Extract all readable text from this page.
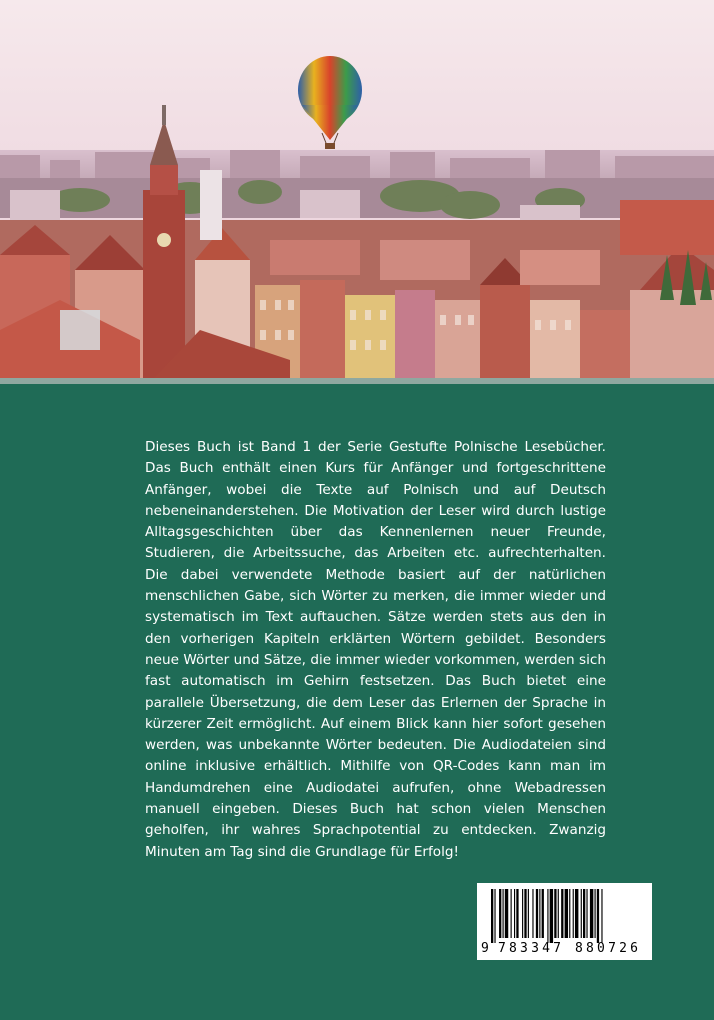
Dieses Buch ist Band 1 der Serie Gestufte Polnische Lesebücher. Das Buch enthält einen Kurs für Anfänger und fortgeschrittene Anfänger, wobei die Texte auf Polnisch und auf Deutsch nebeneinanderstehen. Die Motivation der Leser wird durch lustige Alltagsgeschichten über das Kennenlernen neuer Freunde, Studieren, die Arbeitssuche, das Arbeiten etc. aufrechterhalten. Die dabei verwendete Methode basiert auf der natürlichen menschlichen Gabe, sich Wörter zu merken, die immer wieder und systematisch im Text auftauchen. Sätze werden stets aus den in den vorherigen Kapiteln erklärten Wörtern gebildet. Besonders neue Wörter und Sätze, die immer wieder vorkommen, werden sich fast automatisch im Gehirn festsetzen. Das Buch bietet eine parallele Übersetzung, die dem Leser das Erlernen der Sprache in kürzerer Zeit ermöglicht. Auf einem Blick kann hier sofort gesehen werden, was unbekannte Wörter bedeuten. Die Audiodateien sind online inklusive erhältlich. Mithilfe von QR-Codes kann man im Handumdrehen eine Audiodatei aufrufen, ohne Webadressen manuell eingeben. Dieses Buch hat schon vielen Menschen geholfen, ihr wahres Sprachpotential zu entdecken. Zwanzig Minuten am Tag sind die Grundlage für Erfolg!

9 783347 880726
